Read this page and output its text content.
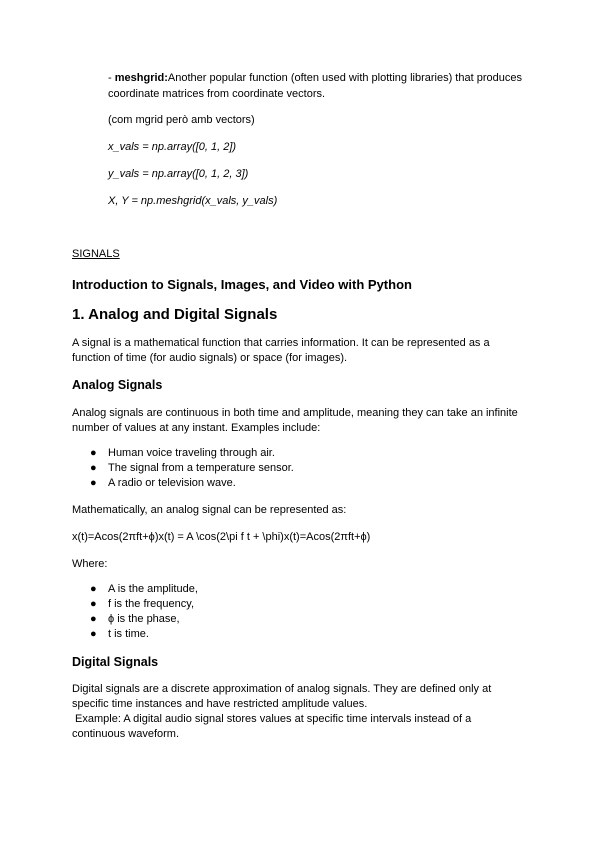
- meshgrid:Another popular function (often used with plotting libraries) that produces

coordinate matrices from coordinate vectors.

(com mgrid però amb vectors)

x_vals = np.array([0, 1, 2])

y_vals = np.array([0, 1, 2, 3])

X, Y = np.meshgrid(x_vals, y_vals)

SIGNALS

Introduction to Signals, Images, and Video with Python
1. Analog and Digital Signals

A signal is a mathematical function that carries information. It can be represented as a

function of time (for audio signals) or space (for images).

Analog Signals

Analog signals are continuous in both time and amplitude, meaning they can take an infinite

number of values at any instant. Examples include:

● Human voice traveling through air.
● The signal from a temperature sensor.
● A radio or television wave.

Mathematically, an analog signal can be represented as:

x(t)=Acos(2πft+ϕ)x(t) = A \cos(2\pi f t + \phi)x(t)=Acos(2πft+ϕ)

Where:

● A is the amplitude,
● f is the frequency,
● ϕ is the phase,
● t is time.
Digital Signals

Digital signals are a discrete approximation of analog signals. They are defined only at

specific time instances and have restricted amplitude values.

Example: A digital audio signal stores values at specific time intervals instead of a

continuous waveform.
